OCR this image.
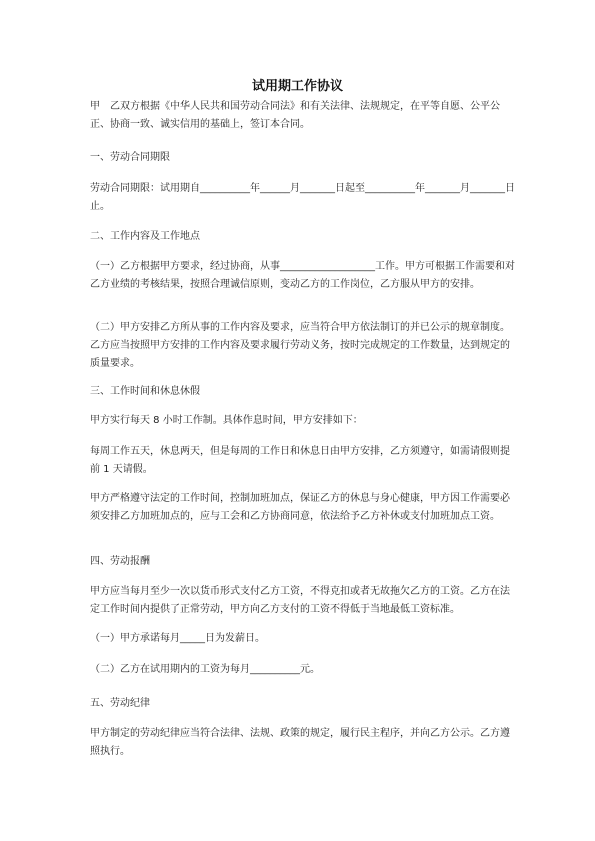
试用期工作协议
甲　乙双方根据《中华人民共和国劳动合同法》和有关法律、法规规定，在平等自愿、公平公正、协商一致、诚实信用的基础上，签订本合同。
一、劳动合同期限
劳动合同期限：试用期自__________年______月_______日起至__________年_______月_______日止。
二、工作内容及工作地点
（一）乙方根据甲方要求，经过协商，从事___________________工作。甲方可根据工作需要和对乙方业绩的考核结果，按照合理诚信原则，变动乙方的工作岗位，乙方服从甲方的安排。
（二）甲方安排乙方所从事的工作内容及要求，应当符合甲方依法制订的并已公示的规章制度。乙方应当按照甲方安排的工作内容及要求履行劳动义务，按时完成规定的工作数量，达到规定的质量要求。
三、工作时间和休息休假
甲方实行每天 8 小时工作制。具体作息时间，甲方安排如下：
每周工作五天，休息两天，但是每周的工作日和休息日由甲方安排，乙方须遵守，如需请假则提前 1 天请假。
甲方严格遵守法定的工作时间，控制加班加点，保证乙方的休息与身心健康，甲方因工作需要必须安排乙方加班加点的，应与工会和乙方协商同意，依法给予乙方补休或支付加班加点工资。
四、劳动报酬
甲方应当每月至少一次以货币形式支付乙方工资，不得克扣或者无故拖欠乙方的工资。乙方在法定工作时间内提供了正常劳动，甲方向乙方支付的工资不得低于当地最低工资标准。
（一）甲方承诺每月_____日为发薪日。
（二）乙方在试用期内的工资为每月__________元。
五、劳动纪律
甲方制定的劳动纪律应当符合法律、法规、政策的规定，履行民主程序，并向乙方公示。乙方遵照执行。
